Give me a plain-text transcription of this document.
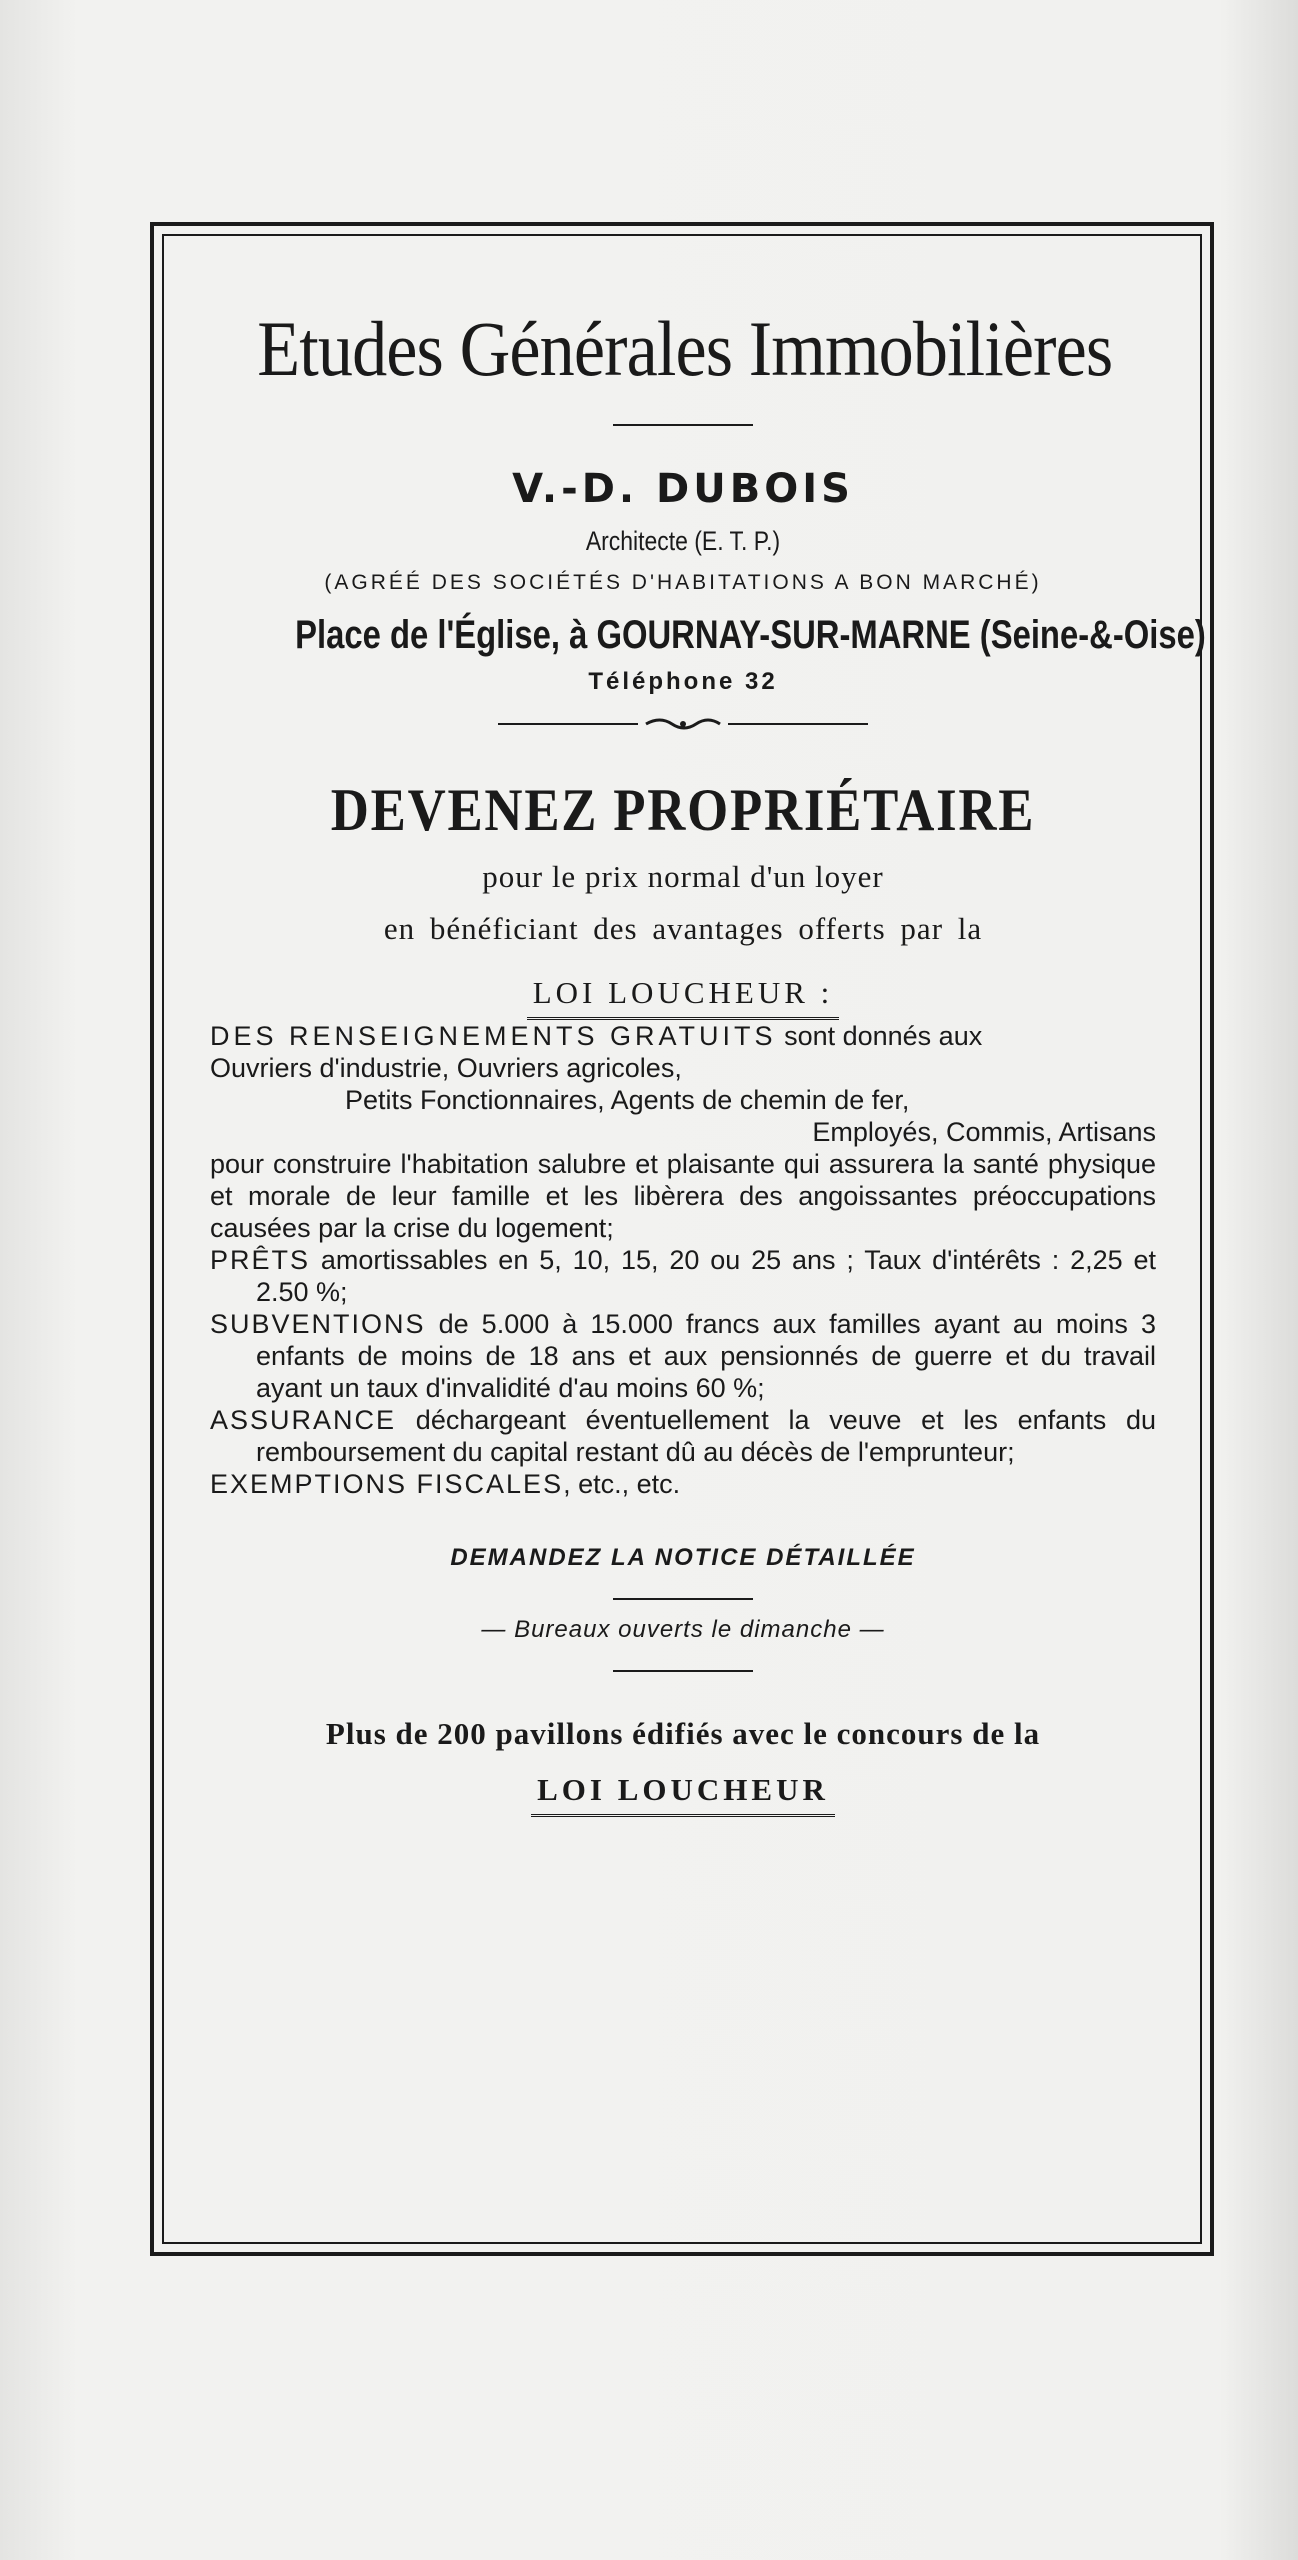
Etudes Générales Immobilières
V.-D. DUBOIS
Architecte (E. T. P.)
(AGRÉÉ DES SOCIÉTÉS D'HABITATIONS A BON MARCHÉ)
Place de l'Église, à GOURNAY-SUR-MARNE (Seine-&-Oise)
Téléphone 32
DEVENEZ PROPRIÉTAIRE
pour le prix normal d'un loyer
en bénéficiant des avantages offerts par la
LOI LOUCHEUR :

DES RENSEIGNEMENTS GRATUITS sont donnés aux

Ouvriers d'industrie, Ouvriers agricoles,

Petits Fonctionnaires, Agents de chemin de fer,

Employés, Commis, Artisans

pour construire l'habitation salubre et plaisante qui assurera la santé physique et morale de leur famille et les libèrera des angoissantes préoccupations causées par la crise du logement;

PRÊTS amortissables en 5, 10, 15, 20 ou 25 ans ; Taux d'intérêts : 2,25 et 2.50 %;

SUBVENTIONS de 5.000 à 15.000 francs aux familles ayant au moins 3 enfants de moins de 18 ans et aux pensionnés de guerre et du travail ayant un taux d'invalidité d'au moins 60 %;

ASSURANCE déchargeant éventuellement la veuve et les enfants du remboursement du capital restant dû au décès de l'emprunteur;

EXEMPTIONS FISCALES, etc., etc.

DEMANDEZ LA NOTICE DÉTAILLÉE
— Bureaux ouverts le dimanche —
Plus de 200 pavillons édifiés avec le concours de la
LOI LOUCHEUR
